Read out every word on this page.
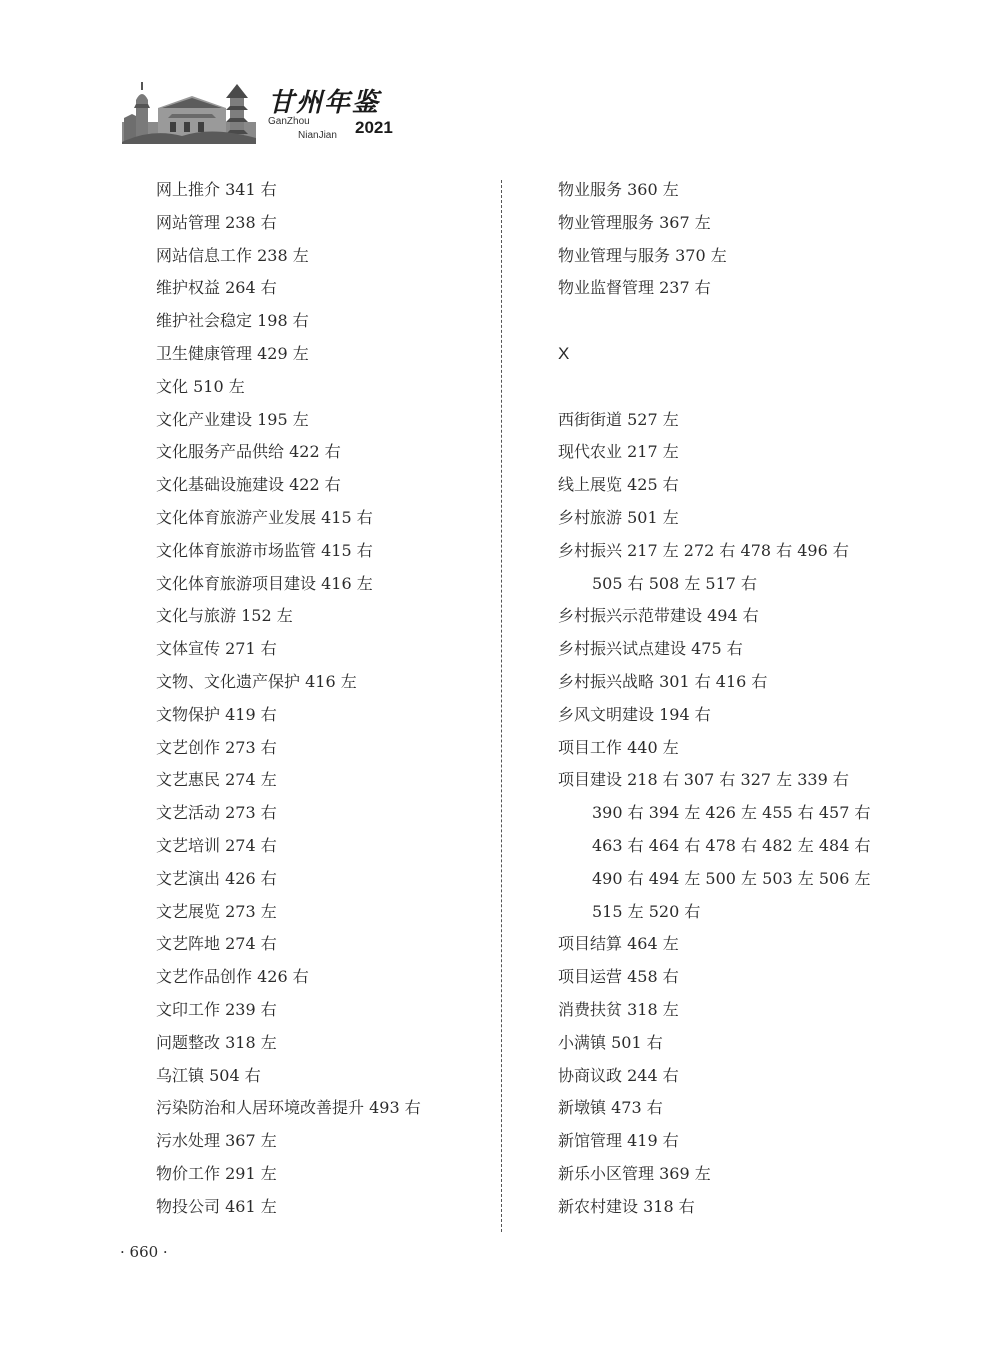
甘州年鉴
GanZhou
NianJian 2021
网上推介 341 右
网站管理 238 右
网站信息工作 238 左
维护权益 264 右
维护社会稳定 198 右
卫生健康管理 429 左
文化 510 左
文化产业建设 195 左
文化服务产品供给 422 右
文化基础设施建设 422 右
文化体育旅游产业发展 415 右
文化体育旅游市场监管 415 右
文化体育旅游项目建设 416 左
文化与旅游 152 左
文体宣传 271 右
文物、文化遗产保护 416 左
文物保护 419 右
文艺创作 273 右
文艺惠民 274 左
文艺活动 273 右
文艺培训 274 右
文艺演出 426 右
文艺展览 273 左
文艺阵地 274 右
文艺作品创作 426 右
文印工作 239 右
问题整改 318 左
乌江镇 504 右
污染防治和人居环境改善提升 493 右
污水处理 367 左
物价工作 291 左
物投公司 461 左
物业服务 360 左
物业管理服务 367 左
物业管理与服务 370 左
物业监督管理 237 右
X
西街街道 527 左
现代农业 217 左
线上展览 425 右
乡村旅游 501 左
乡村振兴 217 左 272 右 478 右 496 右
505 右 508 左 517 右
乡村振兴示范带建设 494 右
乡村振兴试点建设 475 右
乡村振兴战略 301 右 416 右
乡风文明建设 194 右
项目工作 440 左
项目建设 218 右 307 右 327 左 339 右
390 右 394 左 426 左 455 右 457 右
463 右 464 右 478 右 482 左 484 右
490 右 494 左 500 左 503 左 506 左
515 左 520 右
项目结算 464 左
项目运营 458 右
消费扶贫 318 左
小满镇 501 右
协商议政 244 右
新墩镇 473 右
新馆管理 419 右
新乐小区管理 369 左
新农村建设 318 右
· 660 ·
